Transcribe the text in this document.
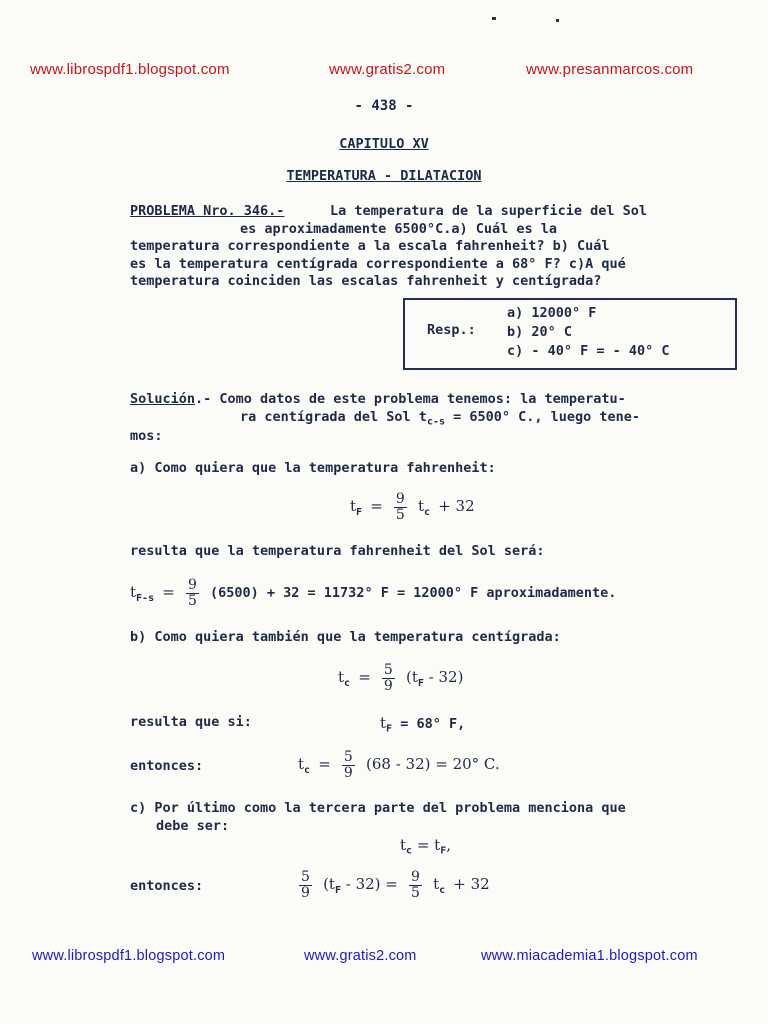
www.librospdf1.blogspot.com	www.gratis2.com	www.presanmarcos.com
- 438 -
CAPITULO XV
TEMPERATURA - DILATACION
PROBLEMA Nro. 346.-	La temperatura de la superficie del Sol
es aproximadamente 6500°C.a) Cuál es la
temperatura correspondiente a la escala fahrenheit? b) Cuál
es la temperatura centígrada correspondiente a 68° F? c)A qué
temperatura coinciden las escalas fahrenheit y centígrada?
Resp.:
a) 12000° F
b) 20° C
c) - 40° F = - 40° C
Solución.- Como datos de este problema tenemos: la temperatu-
ra centígrada del Sol $t_{c-s} = 6500^\circ$ C., luego tene-
mos:
a) Como quiera que la temperatura fahrenheit:
$t_F = \frac{9}{5} t_c + 32$
resulta que la temperatura fahrenheit del Sol será:
$t_{F-s} = \frac{9}{5} (6500) + 32 = 11732^\circ$ F = 12000° F aproximadamente.
b) Como quiera también que la temperatura centígrada:
$t_c = \frac{5}{9} (t_F - 32)$
resulta que si:	$t_F = 68^\circ$ F,
entonces:	$t_c = \frac{5}{9} (68 - 32) = 20^\circ$ C.
c) Por último como la tercera parte del problema menciona que
debe ser:
$t_c = t_F$,
entonces:	$\frac{5}{9} (t_F - 32) = \frac{9}{5} t_c + 32$
www.librospdf1.blogspot.com	www.gratis2.com	www.miacademia1.blogspot.com
